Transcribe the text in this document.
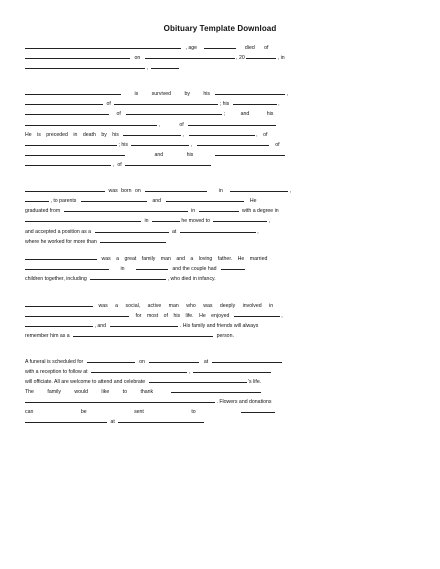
Obituary Template Download
, age	died of
on	, 20	, in
,
is	survived	by	his	,
of	; his	,
of	;	and	his
,	of
He is preceded in death by his	,	, of
; his	,	of
and	his
, of
was born on	in	,
, to parents	and	He
graduated from	in	with a degree in
in	he moved to	,
and accepted a position as a	at	,
where he worked for more than
was a great family man and a loving father. He married
in	and the couple had
children together, including	, who died in infancy.
was a social, active man who was deeply involved in
for most of his life. He enjoyed	,
, and	. His family and friends will always
remember him as a	person.
A funeral is scheduled for	on	at
with a reception to follow at	,
will officiate. All are welcome to attend and celebrate	's life.
The	family	would	like	to	thank
. Flowers and donations
can	be	sent	to
at
